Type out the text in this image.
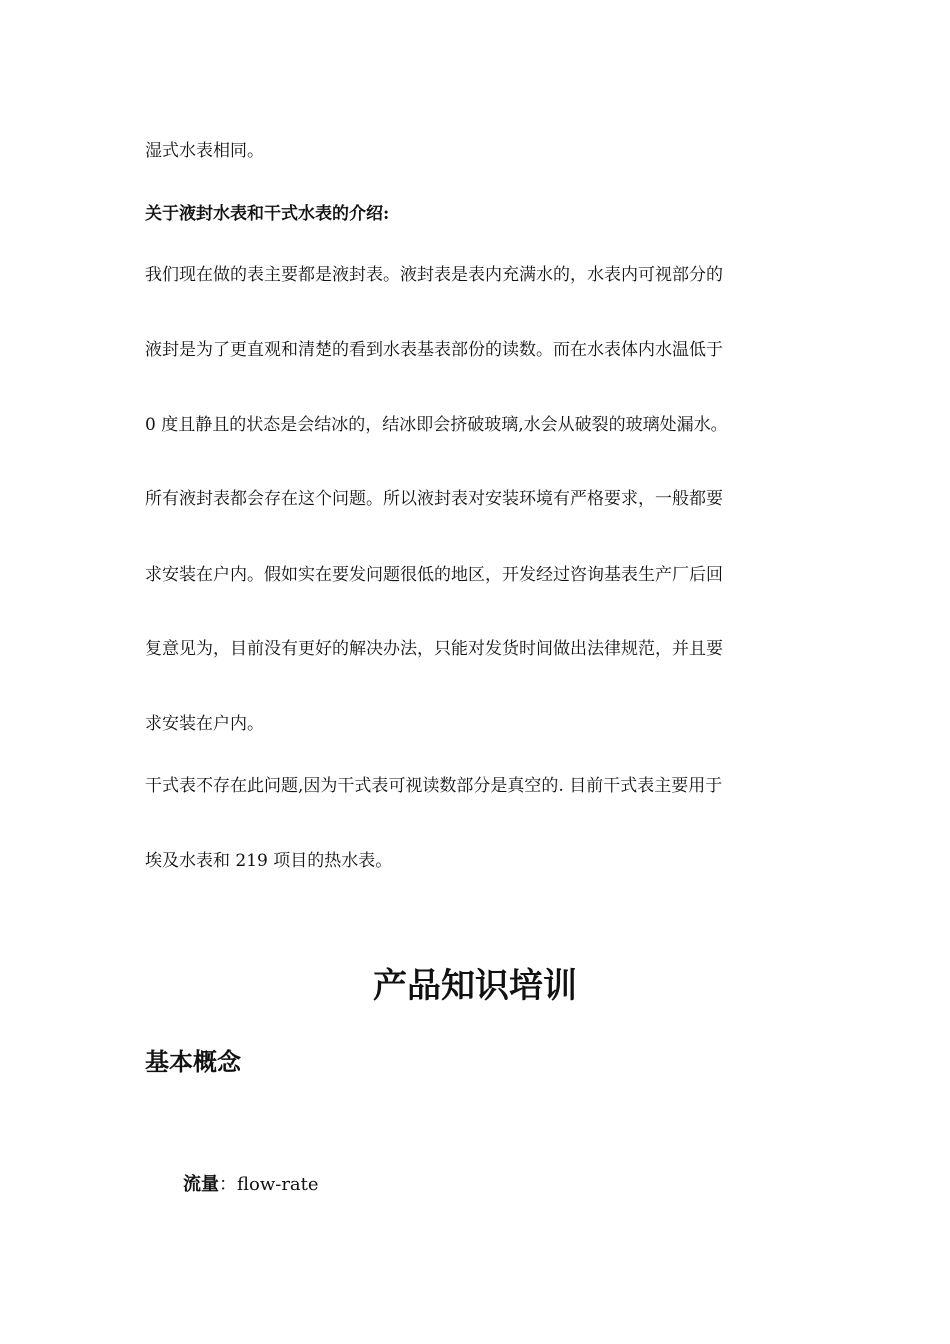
湿式水表相同。
关于液封水表和干式水表的介绍:
我们现在做的表主要都是液封表。液封表是表内充满水的，水表内可视部分的
液封是为了更直观和清楚的看到水表基表部份的读数。而在水表体内水温低于
0 度且静且的状态是会结冰的，结冰即会挤破玻璃,水会从破裂的玻璃处漏水。
所有液封表都会存在这个问题。所以液封表对安装环境有严格要求，一般都要
求安装在户内。假如实在要发问题很低的地区，开发经过咨询基表生产厂后回
复意见为，目前没有更好的解决办法，只能对发货时间做出法律规范，并且要
求安装在户内。
干式表不存在此问题,因为干式表可视读数部分是真空的. 目前干式表主要用于
埃及水表和 219 项目的热水表。
产品知识培训
基本概念
流量：flow-rate
